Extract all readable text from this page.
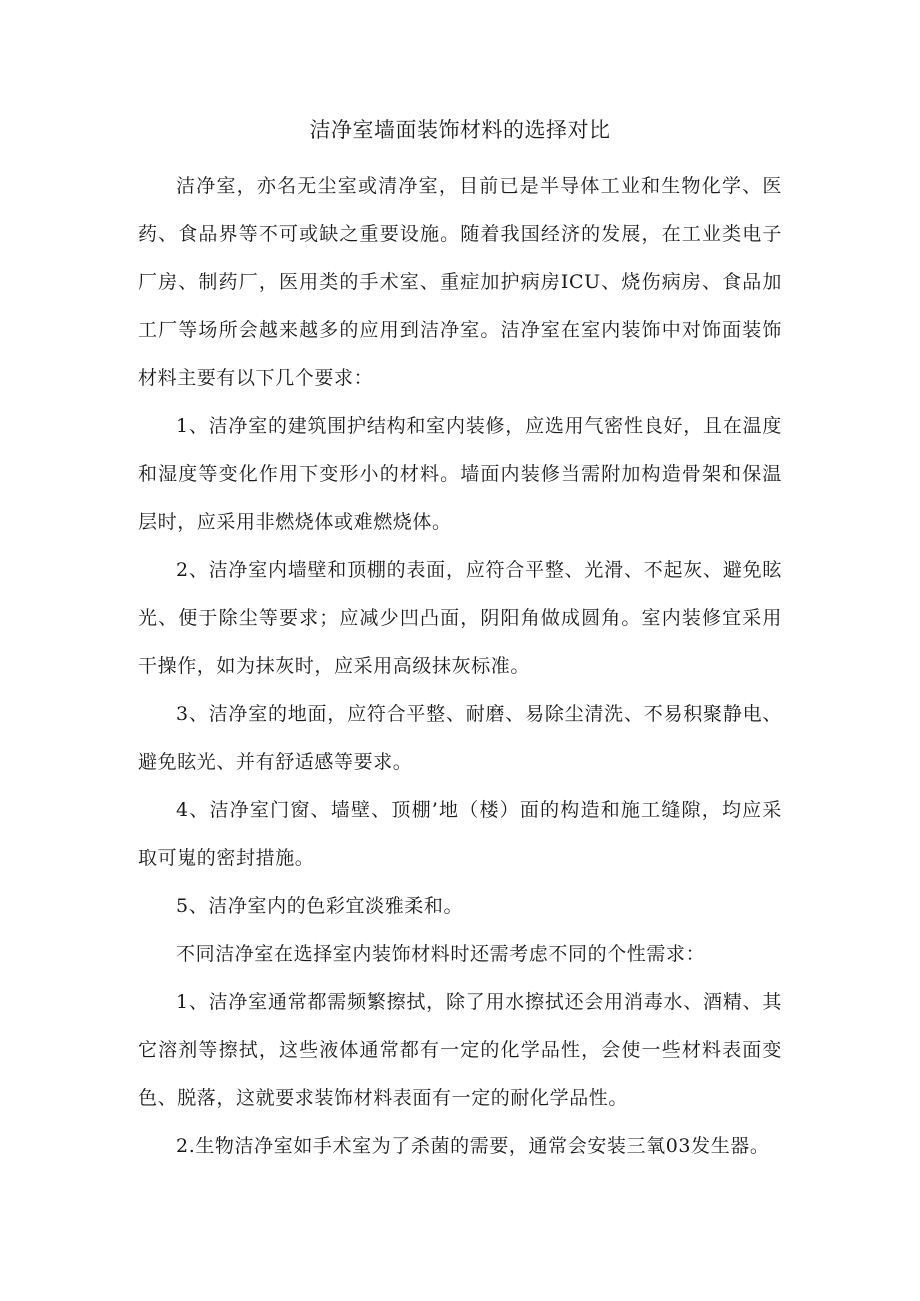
洁净室墙面装饰材料的选择对比

洁净室，亦名无尘室或清净室，目前已是半导体工业和生物化学、医药、食品界等不可或缺之重要设施。随着我国经济的发展，在工业类电子厂房、制药厂，医用类的手术室、重症加护病房ICU、烧伤病房、食品加工厂等场所会越来越多的应用到洁净室。洁净室在室内装饰中对饰面装饰材料主要有以下几个要求：

1、洁净室的建筑围护结构和室内装修，应选用气密性良好，且在温度和湿度等变化作用下变形小的材料。墙面内装修当需附加构造骨架和保温层时，应采用非燃烧体或难燃烧体。

2、洁净室内墙壁和顶棚的表面，应符合平整、光滑、不起灰、避免眩光、便于除尘等要求；应减少凹凸面，阴阳角做成圆角。室内装修宜采用干操作，如为抹灰时，应采用高级抹灰标准。

3、洁净室的地面，应符合平整、耐磨、易除尘清洗、不易积聚静电、避免眩光、并有舒适感等要求。

4、洁净室门窗、墙壁、顶棚’地（楼）面的构造和施工缝隙，均应采取可嵬的密封措施。

5、洁净室内的色彩宜淡雅柔和。

不同洁净室在选择室内装饰材料时还需考虑不同的个性需求：

1、洁净室通常都需频繁擦拭，除了用水擦拭还会用消毒水、酒精、其它溶剂等擦拭，这些液体通常都有一定的化学品性，会使一些材料表面变色、脱落，这就要求装饰材料表面有一定的耐化学品性。

2.生物洁净室如手术室为了杀菌的需要，通常会安装三氧03发生器。
